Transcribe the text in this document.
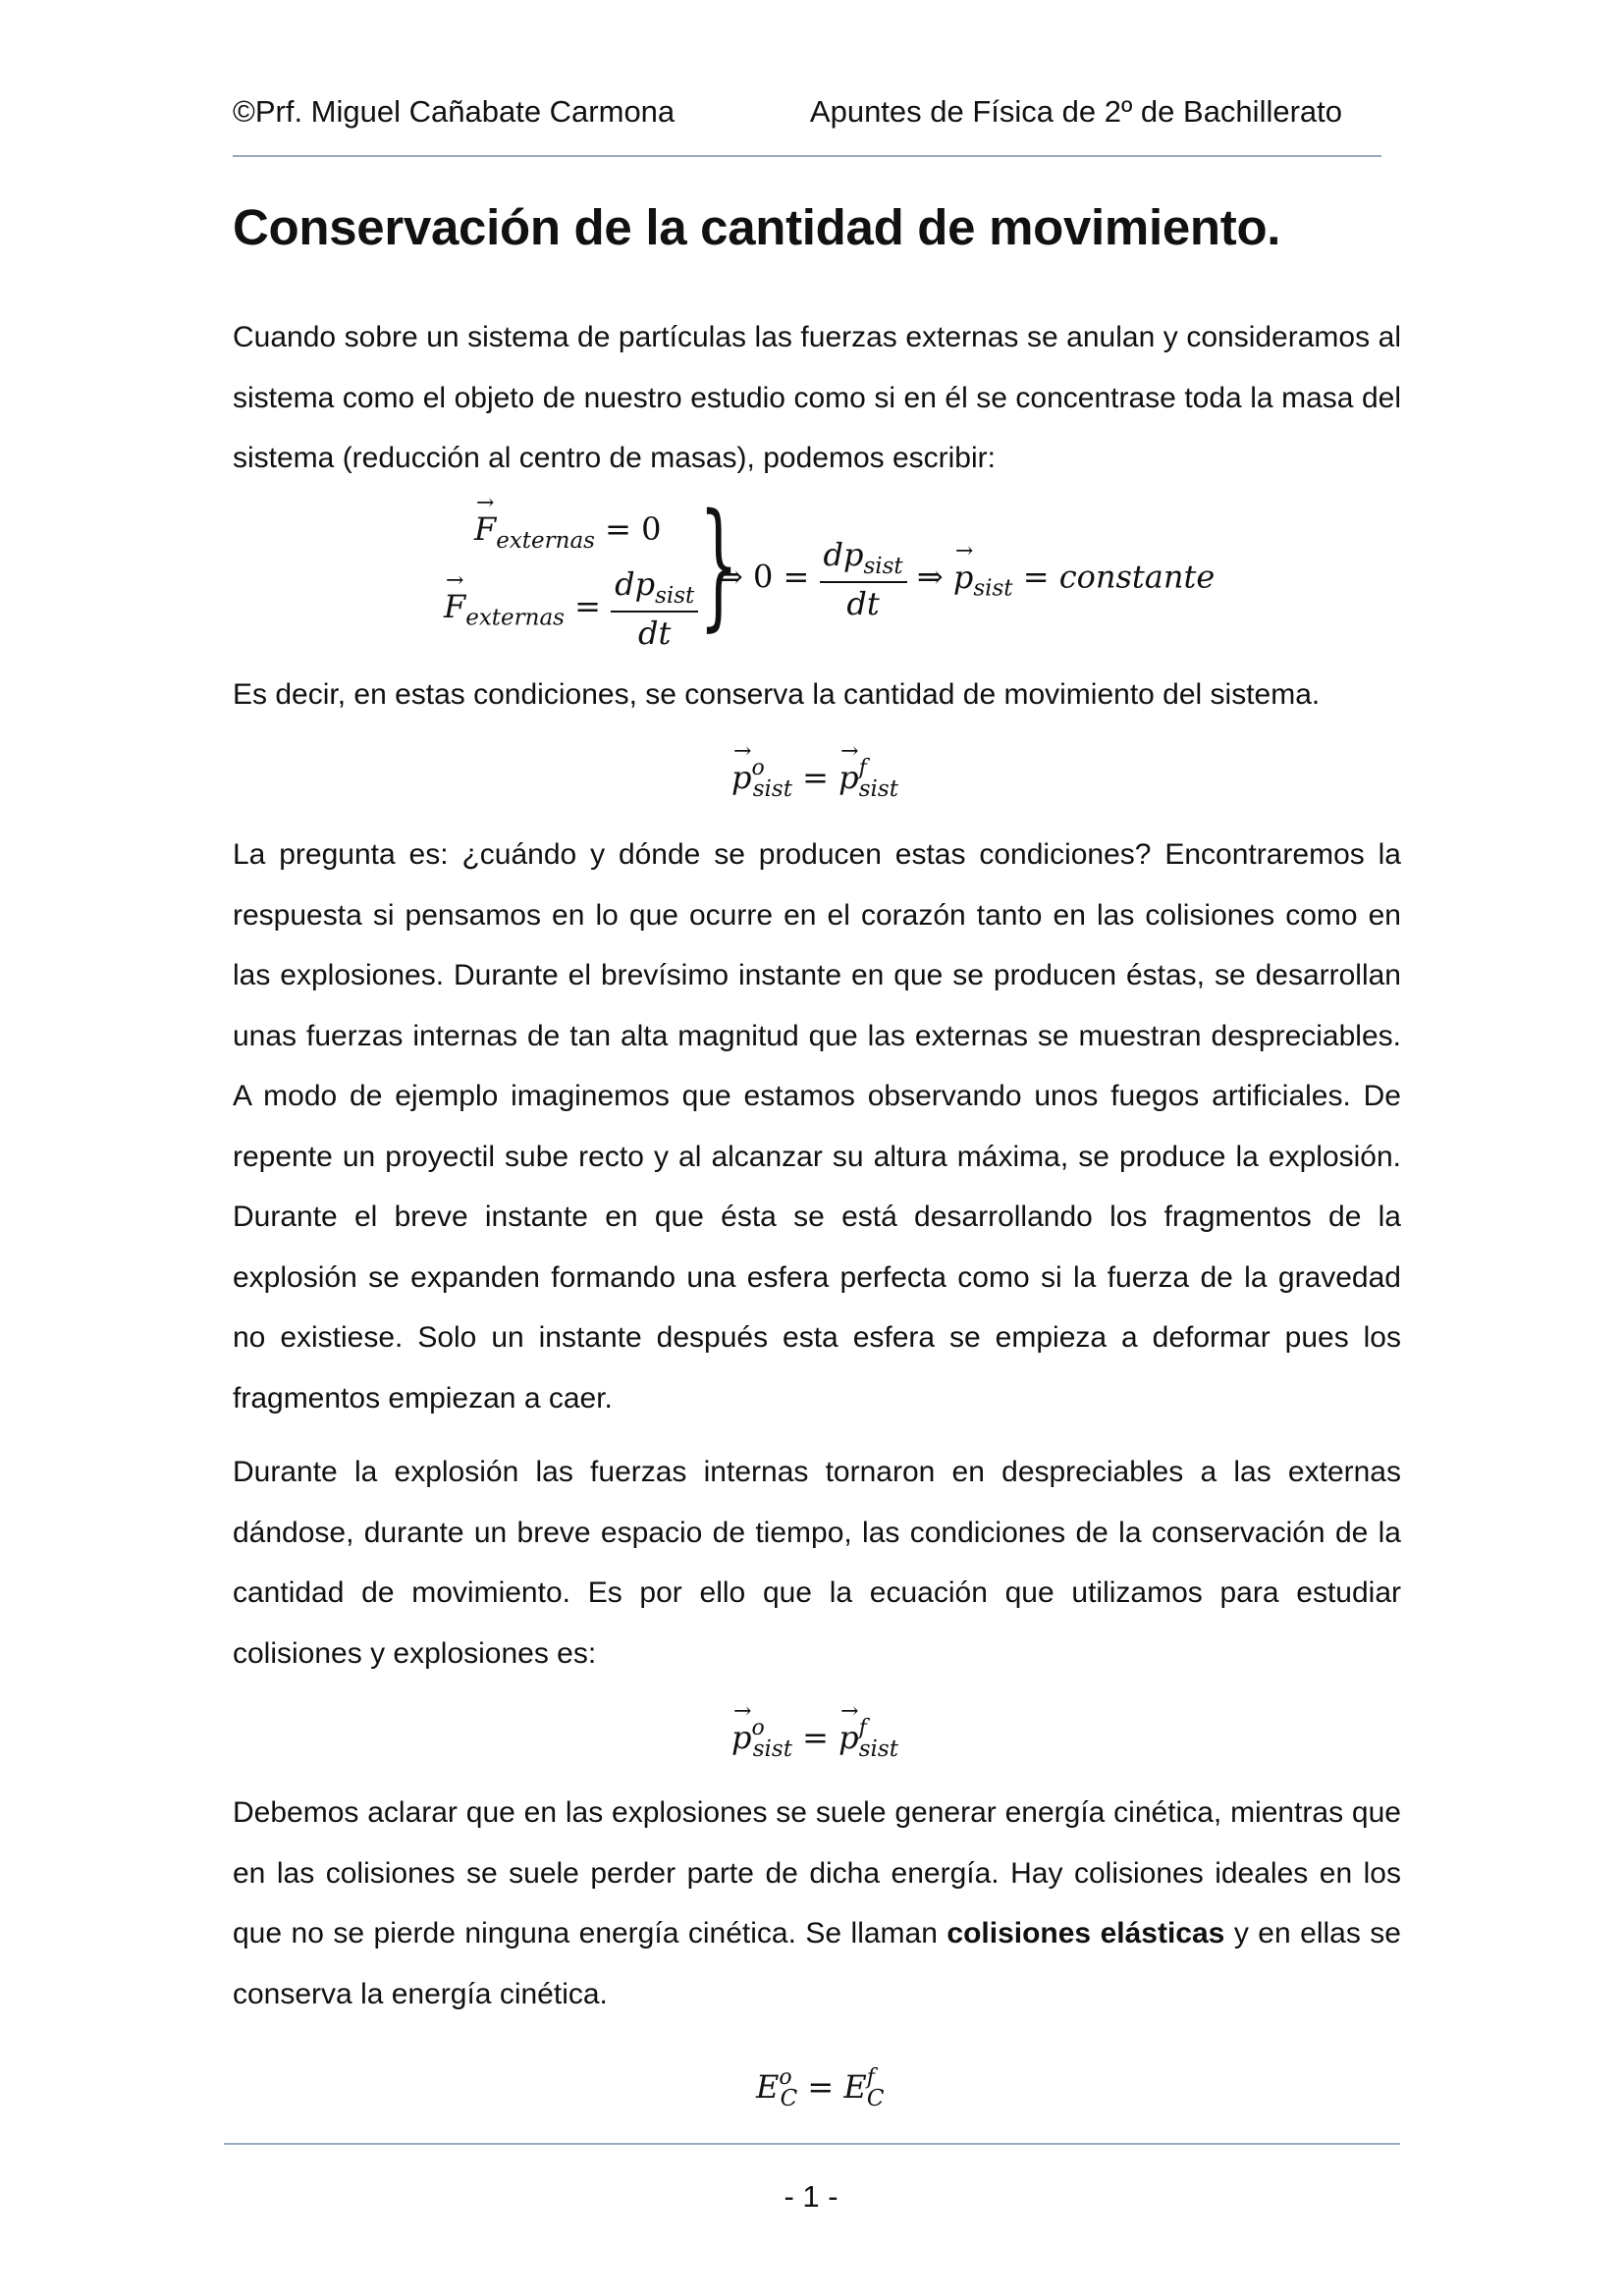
©Prf. Miguel Cañabate Carmona	Apuntes de Física de 2º de Bachillerato
Conservación de la cantidad de movimiento.
Cuando sobre un sistema de partículas las fuerzas externas se anulan y consideramos al sistema como el objeto de nuestro estudio como si en él se concentrase toda la masa del sistema (reducción al centro de masas), podemos escribir:
→ $F_{externas} = 0$
→ $F_{externas} = \frac{dp_{sist}}{dt}$ }
⇒ $0 = \frac{dp_{sist}}{dt}$ ⇒ → $p_{sist}$ = constante
Es decir, en estas condiciones, se conserva la cantidad de movimiento del sistema.
→ $p^o_{sist}$ = → $p^f_{sist}$
La pregunta es: ¿cuándo y dónde se producen estas condiciones? Encontraremos la respuesta si pensamos en lo que ocurre en el corazón tanto en las colisiones como en las explosiones. Durante el brevísimo instante en que se producen éstas, se desarrollan unas fuerzas internas de tan alta magnitud que las externas se muestran despreciables. A modo de ejemplo imaginemos que estamos observando unos fuegos artificiales. De repente un proyectil sube recto y al alcanzar su altura máxima, se produce la explosión. Durante el breve instante en que ésta se está desarrollando los fragmentos de la explosión se expanden formando una esfera perfecta como si la fuerza de la gravedad no existiese. Solo un instante después esta esfera se empieza a deformar pues los fragmentos empiezan a caer.
Durante la explosión las fuerzas internas tornaron en despreciables a las externas dándose, durante un breve espacio de tiempo, las condiciones de la conservación de la cantidad de movimiento. Es por ello que la ecuación que utilizamos para estudiar colisiones y explosiones es:
→ $p^o_{sist}$ = → $p^f_{sist}$
Debemos aclarar que en las explosiones se suele generar energía cinética, mientras que en las colisiones se suele perder parte de dicha energía. Hay colisiones ideales en los que no se pierde ninguna energía cinética. Se llaman colisiones elásticas y en ellas se conserva la energía cinética.
$E^o_C = E^f_C$
- 1 -
